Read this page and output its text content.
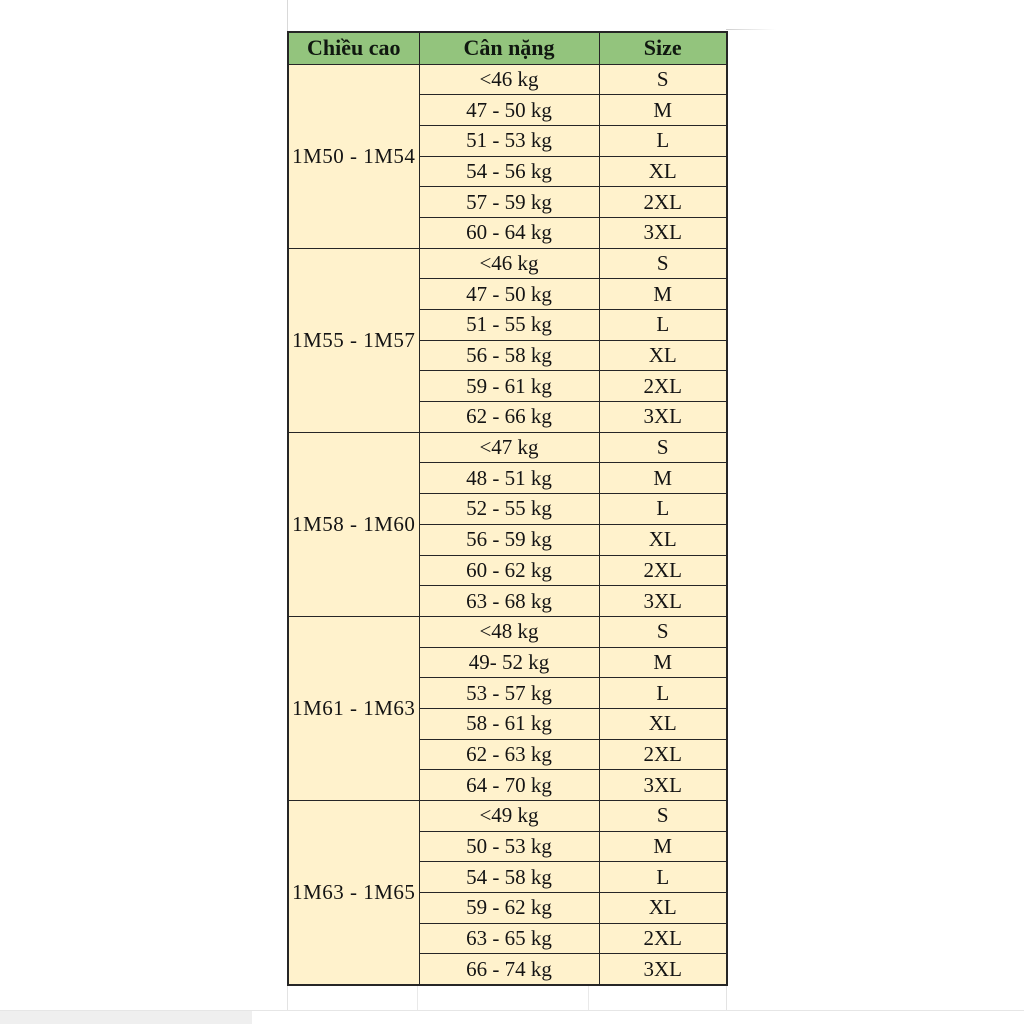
Chiều cao	Cân nặng	Size
1M50 - 1M54	<46 kg	S
	47 - 50 kg	M
	51 - 53 kg	L
	54 - 56 kg	XL
	57 - 59 kg	2XL
	60 - 64 kg	3XL
1M55 - 1M57	<46 kg	S
	47 - 50 kg	M
	51 - 55 kg	L
	56 - 58 kg	XL
	59 - 61 kg	2XL
	62 - 66 kg	3XL
1M58 - 1M60	<47 kg	S
	48 - 51 kg	M
	52 - 55 kg	L
	56 - 59 kg	XL
	60 - 62 kg	2XL
	63 - 68 kg	3XL
1M61 - 1M63	<48 kg	S
	49- 52 kg	M
	53 - 57 kg	L
	58 - 61 kg	XL
	62 - 63 kg	2XL
	64 - 70 kg	3XL
1M63 - 1M65	<49 kg	S
	50 - 53 kg	M
	54 - 58 kg	L
	59 - 62 kg	XL
	63 - 65 kg	2XL
	66 - 74 kg	3XL
